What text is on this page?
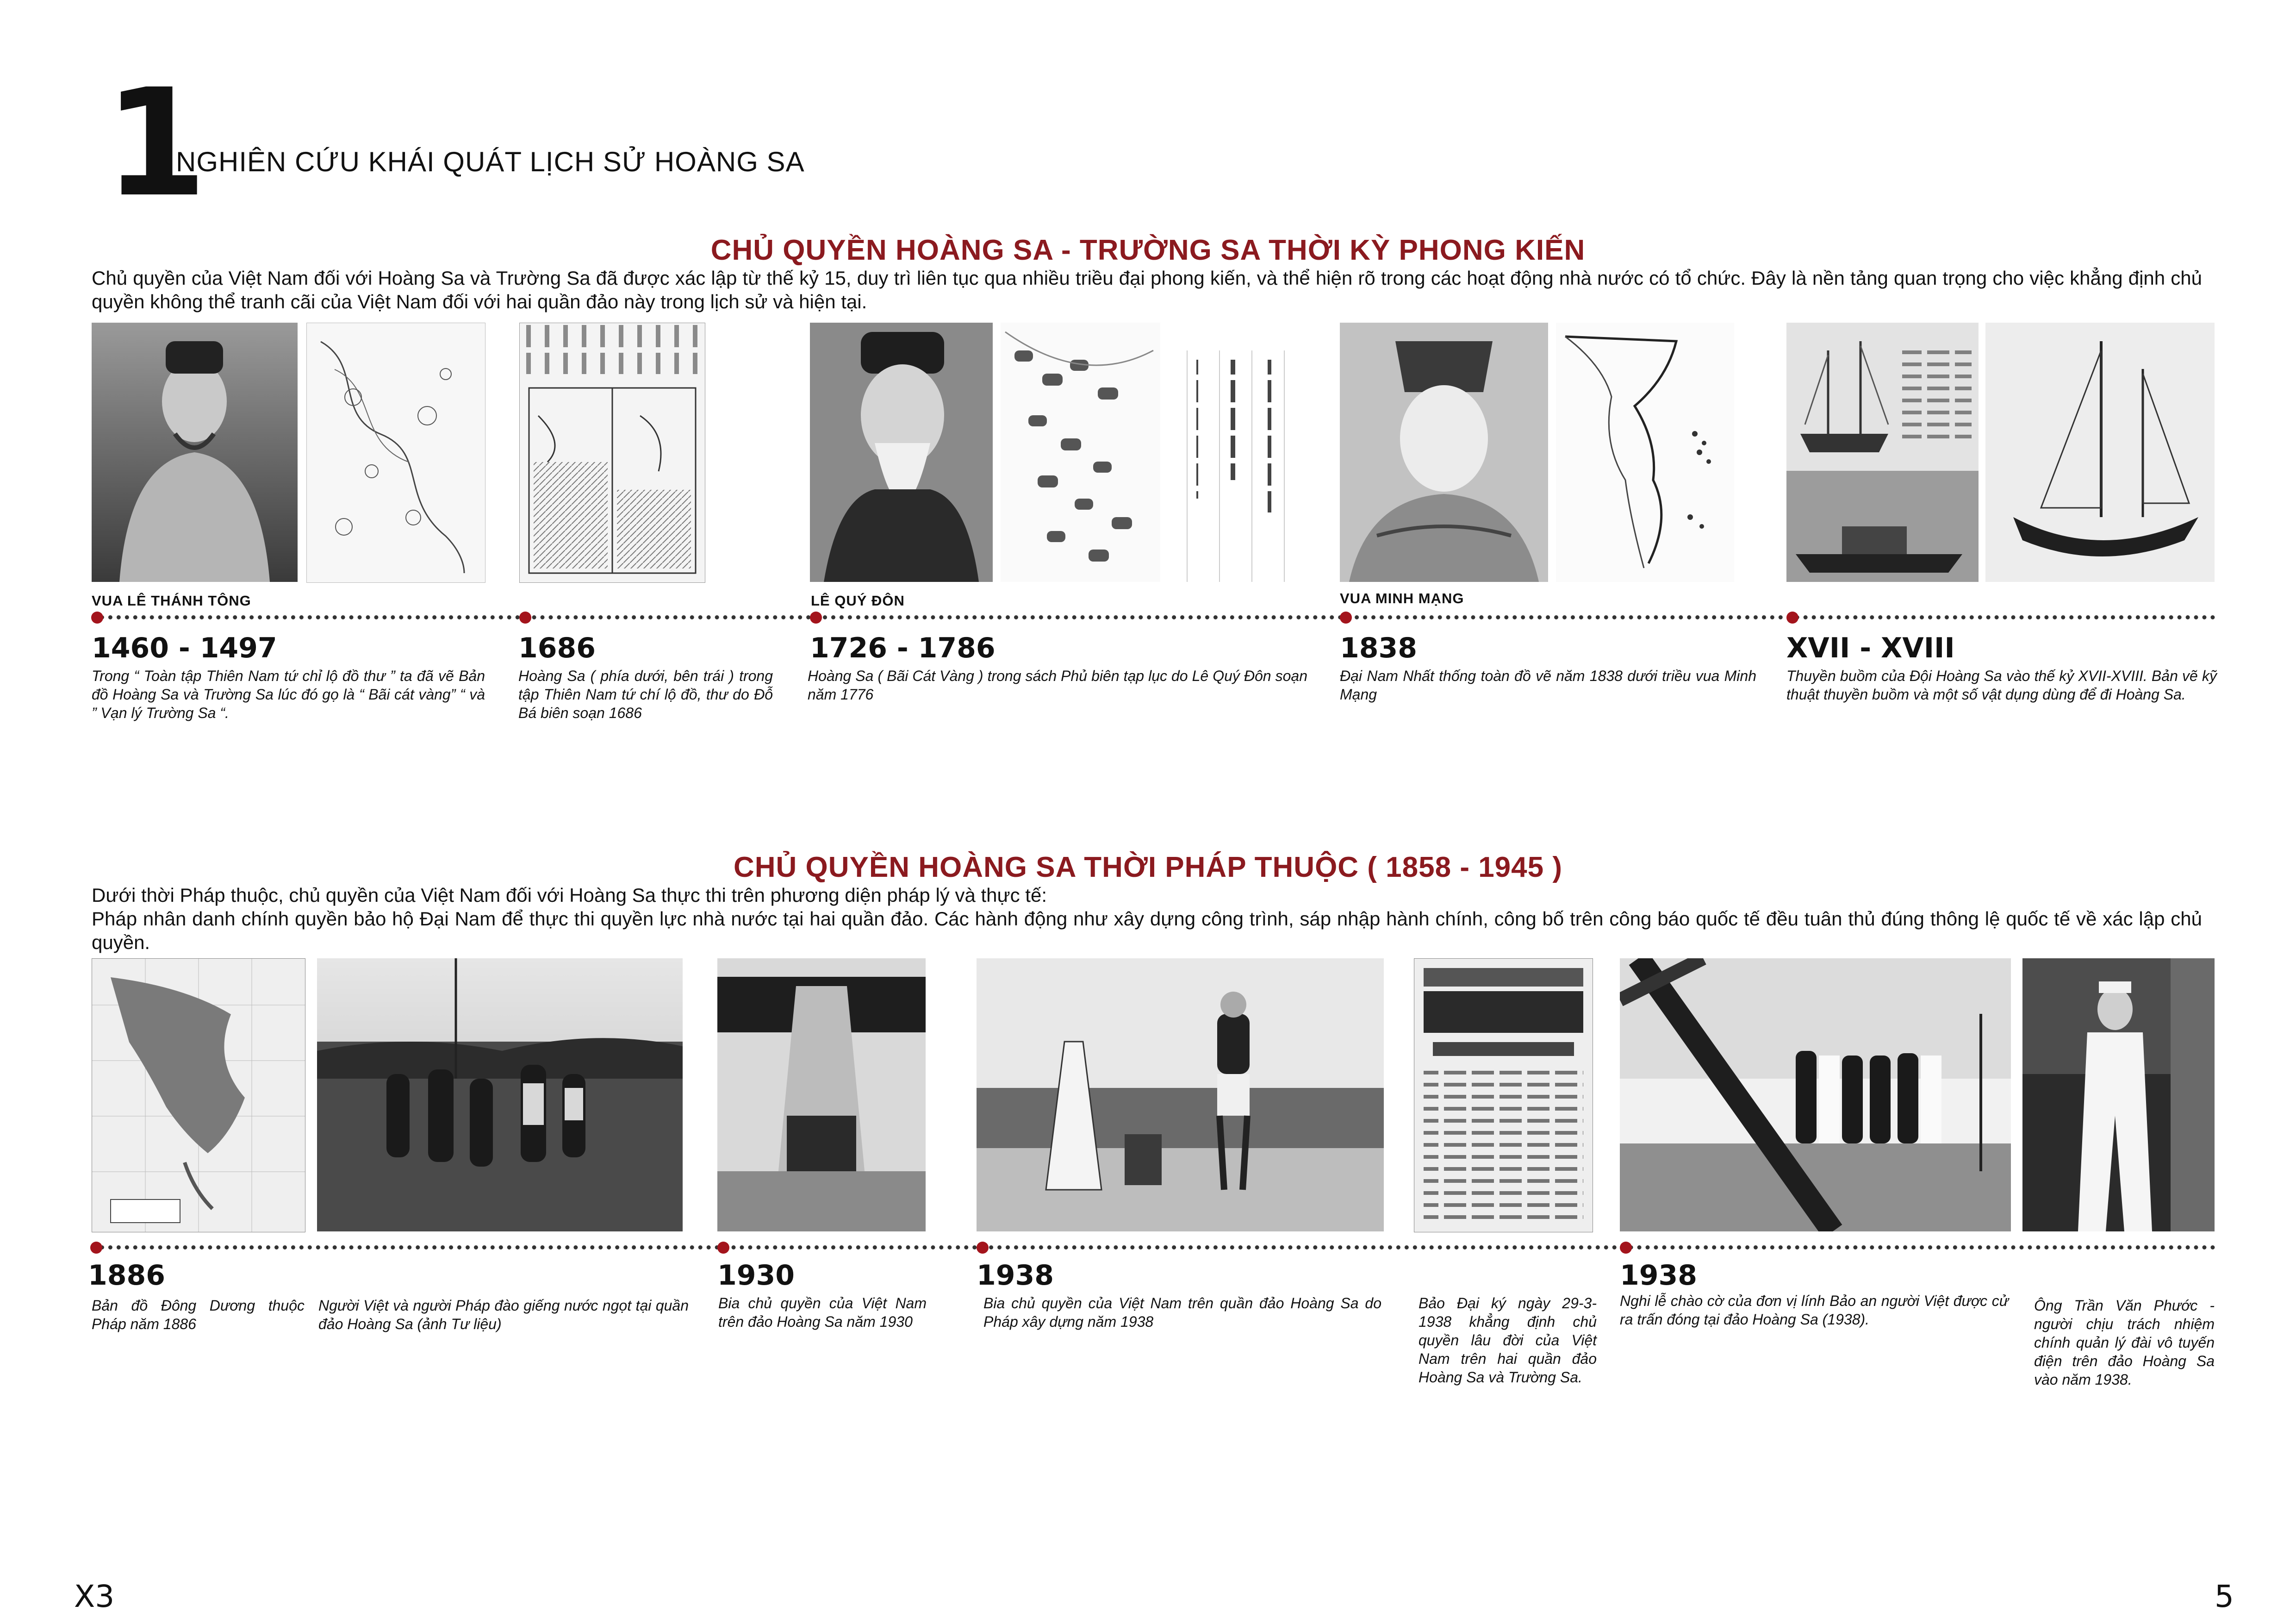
1
NGHIÊN CỨU KHÁI QUÁT LỊCH SỬ HOÀNG SA
CHỦ QUYỀN HOÀNG SA - TRƯỜNG SA THỜI KỲ PHONG KIẾN

Chủ quyền của Việt Nam đối với Hoàng Sa và Trường Sa đã được xác lập từ thế kỷ 15, duy trì liên tục qua nhiều triều đại phong kiến, và thể hiện rõ trong các hoạt động nhà nước có tổ chức. Đây là nền tảng quan trọng cho việc khẳng định chủ quyền không thể tranh cãi của Việt Nam đối với hai quần đảo này trong lịch sử và hiện tại.

VUA LÊ THÁNH TÔNG	LÊ QUÝ ĐÔN	VUA MINH MẠNG
1460 - 1497
Trong “ Toàn tập Thiên Nam tứ chỉ lộ đồ thư ” ta đã vẽ Bản đồ Hoàng Sa và Trường Sa lúc đó gọ là “ Bãi cát vàng” “ và ” Vạn lý Trường Sa “.
1686
Hoàng Sa ( phía dưới, bên trái ) trong tập Thiên Nam tứ chí lộ đồ, thư do Đỗ Bá biên soạn 1686
1726 - 1786
Hoàng Sa ( Bãi Cát Vàng ) trong sách Phủ biên tạp lục do Lê Quý Đôn soạn năm 1776
1838
Đại Nam Nhất thống toàn đồ vẽ năm 1838 dưới triều vua Minh Mạng
XVII - XVIII
Thuyền buồm của Đội Hoàng Sa vào thế kỷ XVII-XVIII. Bản vẽ kỹ thuật thuyền buồm và một số vật dụng dùng để đi Hoàng Sa.
CHỦ QUYỀN HOÀNG SA THỜI PHÁP THUỘC ( 1858 - 1945 )

Dưới thời Pháp thuộc, chủ quyền của Việt Nam đối với Hoàng Sa thực thi trên phương diện pháp lý và thực tế:

Pháp nhân danh chính quyền bảo hộ Đại Nam để thực thi quyền lực nhà nước tại hai quần đảo. Các hành động như xây dựng công trình, sáp nhập hành chính, công bố trên công báo quốc tế đều tuân thủ đúng thông lệ quốc tế về xác lập chủ quyền.

1886	1930	1938	1938
Bản đồ Đông Dương thuộc Pháp năm 1886
Người Việt và người Pháp đào giếng nước ngọt tại quần đảo Hoàng Sa (ảnh Tư liệu)
Bia chủ quyền của Việt Nam trên đảo Hoàng Sa năm 1930
Bia chủ quyền của Việt Nam trên quần đảo Hoàng Sa do Pháp xây dựng năm 1938
Bảo Đại ký ngày 29-3-1938 khẳng định chủ quyền lâu đời của Việt Nam trên hai quần đảo Hoàng Sa và Trường Sa.
Nghi lễ chào cờ của đơn vị lính Bảo an người Việt được cử ra trấn đóng tại đảo Hoàng Sa (1938).
Ông Trần Văn Phước - người chịu trách nhiệm chính quản lý đài vô tuyến điện trên đảo Hoàng Sa vào năm 1938.
X3	5
